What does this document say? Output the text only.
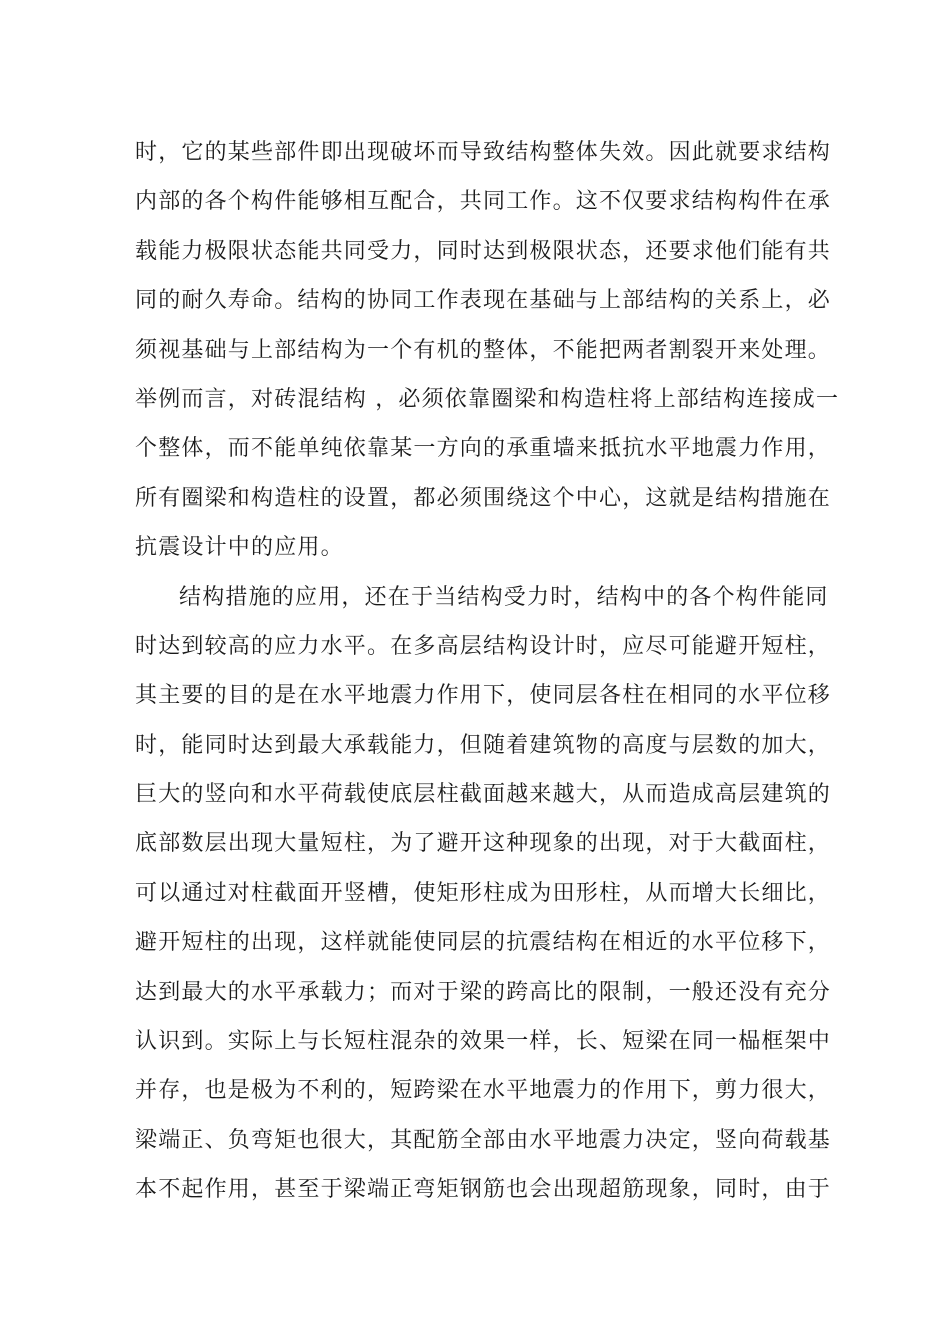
时，它的某些部件即出现破坏而导致结构整体失效。因此就要求结构
内部的各个构件能够相互配合，共同工作。这不仅要求结构构件在承
载能力极限状态能共同受力，同时达到极限状态，还要求他们能有共
同的耐久寿命。结构的协同工作表现在基础与上部结构的关系上，必
须视基础与上部结构为一个有机的整体，不能把两者割裂开来处理。
举例而言，对砖混结构 ，必须依靠圈梁和构造柱将上部结构连接成一
个整体，而不能单纯依靠某一方向的承重墙来抵抗水平地震力作用，
所有圈梁和构造柱的设置，都必须围绕这个中心，这就是结构措施在
抗震设计中的应用。
结构措施的应用，还在于当结构受力时，结构中的各个构件能同
时达到较高的应力水平。在多高层结构设计时，应尽可能避开短柱，
其主要的目的是在水平地震力作用下，使同层各柱在相同的水平位移
时，能同时达到最大承载能力，但随着建筑物的高度与层数的加大，
巨大的竖向和水平荷载使底层柱截面越来越大，从而造成高层建筑的
底部数层出现大量短柱，为了避开这种现象的出现，对于大截面柱，
可以通过对柱截面开竖槽，使矩形柱成为田形柱，从而增大长细比，
避开短柱的出现，这样就能使同层的抗震结构在相近的水平位移下，
达到最大的水平承载力；而对于梁的跨高比的限制，一般还没有充分
认识到。实际上与长短柱混杂的效果一样，长、短梁在同一榀框架中
并存，也是极为不利的，短跨梁在水平地震力的作用下，剪力很大，
梁端正、负弯矩也很大，其配筋全部由水平地震力决定，竖向荷载基
本不起作用，甚至于梁端正弯矩钢筋也会出现超筋现象，同时，由于
